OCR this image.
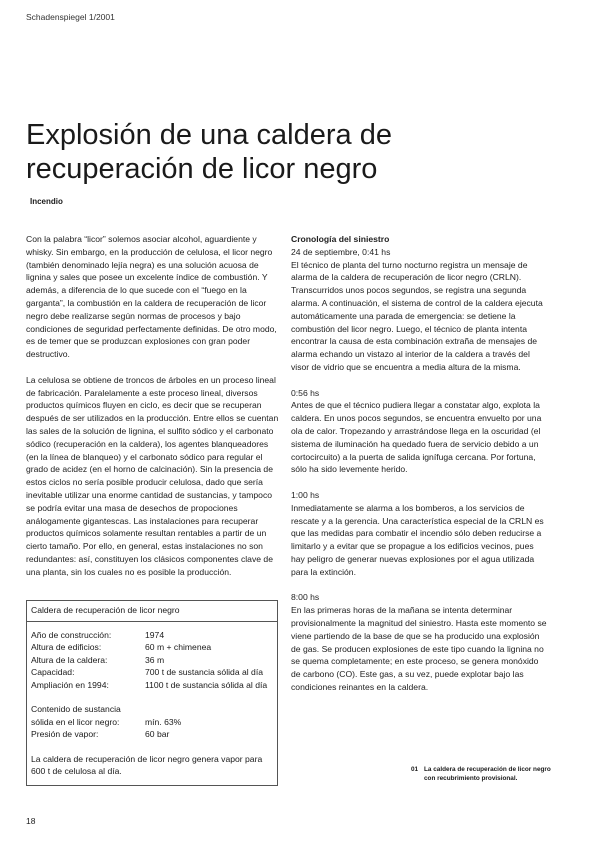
Schadenspiegel 1/2001
Explosión de una caldera de recuperación de licor negro
Incendio

Con la palabra “licor” solemos asociar alcohol, aguardiente y whisky. Sin embargo, en la producción de celulosa, el licor negro (también denominado lejía negra) es una solución acuosa de lignina y sales que posee un excelente índice de combustión. Y además, a diferencia de lo que sucede con el “fuego en la garganta”, la combustión en la caldera de recuperación de licor negro debe realizarse según normas de procesos y bajo condiciones de seguridad perfectamente definidas. De otro modo, es de temer que se produzcan explosiones con gran poder destructivo.

La celulosa se obtiene de troncos de árboles en un proceso lineal de fabricación. Paralelamente a este proceso lineal, diversos productos químicos fluyen en ciclo, es decir que se recuperan después de ser utilizados en la producción. Entre ellos se cuentan las sales de la solución de lignina, el sulfito sódico y el carbonato sódico (recuperación en la caldera), los agentes blanqueadores (en la línea de blanqueo) y el carbonato sódico para regular el grado de acidez (en el horno de calcinación). Sin la presencia de estos ciclos no sería posible producir celulosa, dado que sería inevitable utilizar una enorme cantidad de sustancias, y tampoco se podría evitar una masa de desechos de propociones análogamente gigantescas. Las instalaciones para recuperar productos químicos solamente resultan rentables a partir de un cierto tamaño. Por ello, en general, estas instalaciones no son redundantes: así, constituyen los clásicos componentes clave de una planta, sin los cuales no es posible la producción.

Caldera de recuperación de licor negro
Año de construcción:	1974
Altura de edificios:	60 m + chimenea
Altura de la caldera:	36 m
Capacidad:	700 t de sustancia sólida al día
Ampliación en 1994:	1100 t de sustancia sólida al día
Contenido de sustancia
sólida en el licor negro:	mín. 63%
Presión de vapor:	60 bar
La caldera de recuperación de licor negro genera vapor para 600 t de celulosa al día.

Cronología del siniestro
24 de septiembre, 0:41 hs
El técnico de planta del turno nocturno registra un mensaje de alarma de la caldera de recuperación de licor negro (CRLN). Transcurridos unos pocos segundos, se registra una segunda alarma. A continuación, el sistema de control de la caldera ejecuta automáticamente una parada de emergencia: se detiene la combustión del licor negro. Luego, el técnico de planta intenta encontrar la causa de esta combinación extraña de mensajes de alarma echando un vistazo al interior de la caldera a través del visor de vidrio que se encuentra a media altura de la misma.

0:56 hs
Antes de que el técnico pudiera llegar a constatar algo, explota la caldera. En unos pocos segundos, se encuentra envuelto por una ola de calor. Tropezando y arrastrándose llega en la oscuridad (el sistema de iluminación ha quedado fuera de servicio debido a un cortocircuito) a la puerta de salida ignífuga cercana. Por fortuna, sólo ha sido levemente herido.

1:00 hs
Inmediatamente se alarma a los bomberos, a los servicios de rescate y a la gerencia. Una característica especial de la CRLN es que las medidas para combatir el incendio sólo deben reducirse a limitarlo y a evitar que se propague a los edificios vecinos, pues hay peligro de generar nuevas explosiones por el agua utilizada para la extinción.

8:00 hs
En las primeras horas de la mañana se intenta determinar provisionalmente la magnitud del siniestro. Hasta este momento se viene partiendo de la base de que se ha producido una explosión de gas. Se producen explosiones de este tipo cuando la lignina no se quema completamente; en este proceso, se genera monóxido de carbono (CO). Este gas, a su vez, puede explotar bajo las condiciones reinantes en la caldera.

01 La caldera de recuperación de licor negro con recubrimiento provisional.
18
